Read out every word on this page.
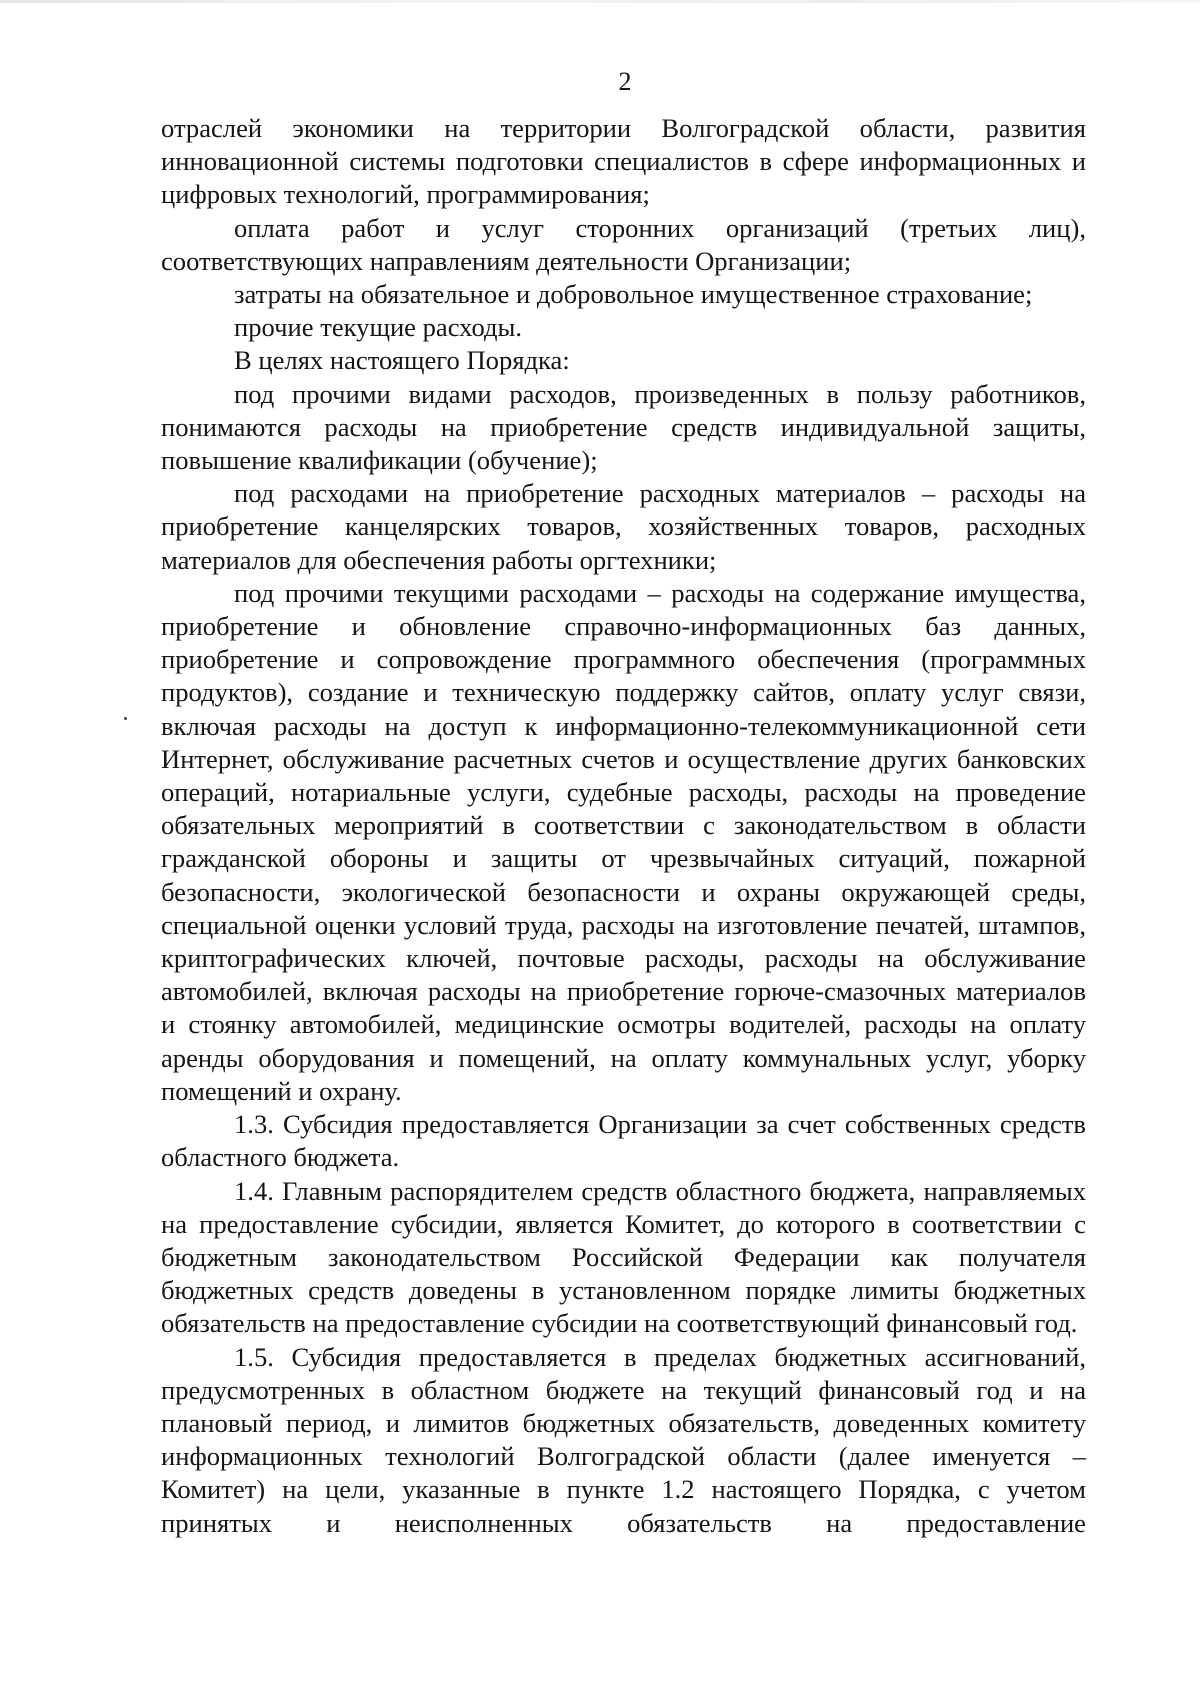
2

отраслей экономики на территории Волгоградской области, развития инновационной системы подготовки специалистов в сфере информационных и цифровых технологий, программирования;

оплата работ и услуг сторонних организаций (третьих лиц), соответствующих направлениям деятельности Организации;

затраты на обязательное и добровольное имущественное страхование;

прочие текущие расходы.

В целях настоящего Порядка:

под прочими видами расходов, произведенных в пользу работников, понимаются расходы на приобретение средств индивидуальной защиты, повышение квалификации (обучение);

под расходами на приобретение расходных материалов – расходы на приобретение канцелярских товаров, хозяйственных товаров, расходных материалов для обеспечения работы оргтехники;

под прочими текущими расходами – расходы на содержание имущества, приобретение и обновление справочно-информационных баз данных, приобретение и сопровождение программного обеспечения (программных продуктов), создание и техническую поддержку сайтов, оплату услуг связи, включая расходы на доступ к информационно-телекоммуникационной сети Интернет, обслуживание расчетных счетов и осуществление других банковских операций, нотариальные услуги, судебные расходы, расходы на проведение обязательных мероприятий в соответствии с законодательством в области гражданской обороны и защиты от чрезвычайных ситуаций, пожарной безопасности, экологической безопасности и охраны окружающей среды, специальной оценки условий труда, расходы на изготовление печатей, штампов, криптографических ключей, почтовые расходы, расходы на обслуживание автомобилей, включая расходы на приобретение горюче-смазочных материалов и стоянку автомобилей, медицинские осмотры водителей, расходы на оплату аренды оборудования и помещений, на оплату коммунальных услуг, уборку помещений и охрану.

1.3. Субсидия предоставляется Организации за счет собственных средств областного бюджета.

1.4. Главным распорядителем средств областного бюджета, направляемых на предоставление субсидии, является Комитет, до которого в соответствии с бюджетным законодательством Российской Федерации как получателя бюджетных средств доведены в установленном порядке лимиты бюджетных обязательств на предоставление субсидии на соответствующий финансовый год.

1.5. Субсидия предоставляется в пределах бюджетных ассигнований, предусмотренных в областном бюджете на текущий финансовый год и на плановый период, и лимитов бюджетных обязательств, доведенных комитету информационных технологий Волгоградской области (далее именуется – Комитет) на цели, указанные в пункте 1.2 настоящего Порядка, с учетом принятых и неисполненных обязательств на предоставление
